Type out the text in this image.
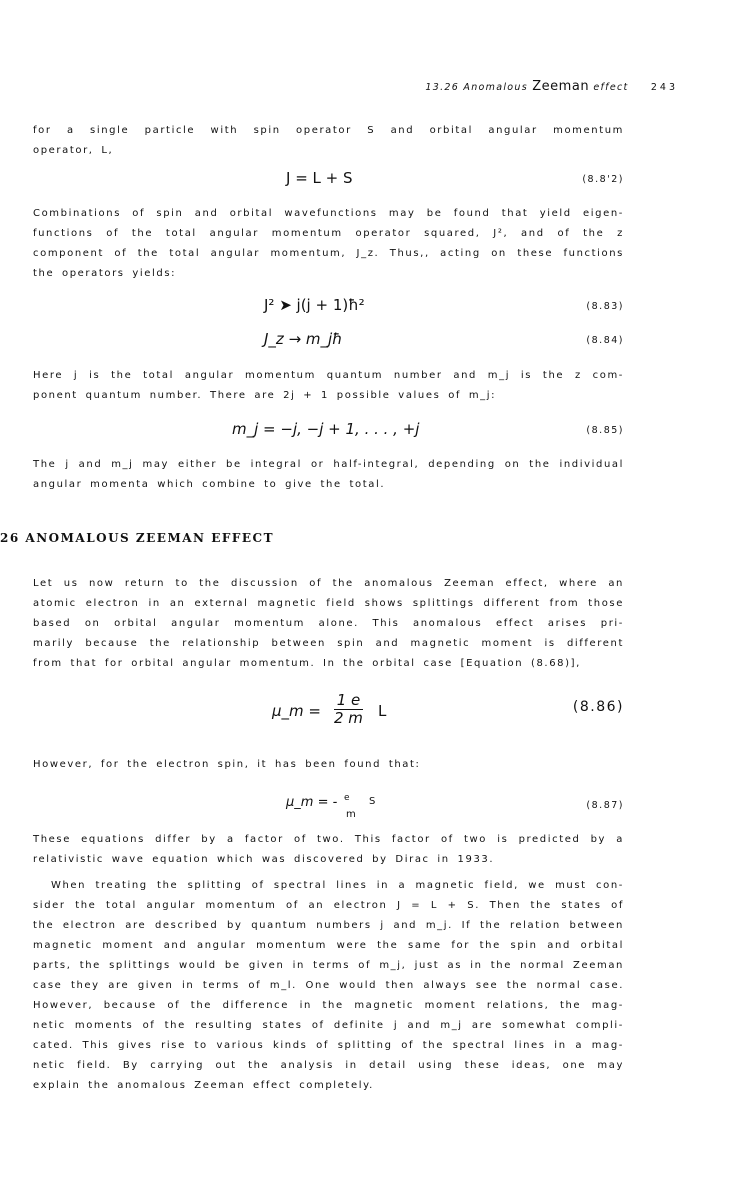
13.26 Anomalous Zeeman effect 243
for a single particle with spin operator S and orbital angular momentum
operator, L,
J = L + S	(8.8'2)
Combinations of spin and orbital wavefunctions may be found that yield eigen-
functions of the total angular momentum operator squared, J², and of the z
component of the total angular momentum, J_z. Thus,, acting on these functions
the operators yields:
J² ➤ j(j + 1)ħ²	(8.83)
J_z → m_jħ	(8.84)
Here j is the total angular momentum quantum number and m_j is the z com-
ponent quantum number. There are 2j + 1 possible values of m_j:
m_j = −j, −j + 1, . . . , +j	(8.85)
The j and m_j may either be integral or half-integral, depending on the individual
angular momenta which combine to give the total.
26 ANOMALOUS ZEEMAN EFFECT
Let us now return to the discussion of the anomalous Zeeman effect, where an
atomic electron in an external magnetic field shows splittings different from those
based on orbital angular momentum alone. This anomalous effect arises pri-
marily because the relationship between spin and magnetic moment is different
from that for orbital angular momentum. In the orbital case [Equation (8.68)],
μ_m = $\frac{1 e}{2 m}$ L	(8.86)
However, for the electron spin, it has been found that:
μ_m = - e S
m
(8.87)
These equations differ by a factor of two. This factor of two is predicted by a
relativistic wave equation which was discovered by Dirac in 1933.
When treating the splitting of spectral lines in a magnetic field, we must con-
sider the total angular momentum of an electron J = L + S. Then the states of
the electron are described by quantum numbers j and m_j. If the relation between
magnetic moment and angular momentum were the same for the spin and orbital
parts, the splittings would be given in terms of m_j, just as in the normal Zeeman
case they are given in terms of m_l. One would then always see the normal case.
However, because of the difference in the magnetic moment relations, the mag-
netic moments of the resulting states of definite j and m_j are somewhat compli-
cated. This gives rise to various kinds of splitting of the spectral lines in a mag-
netic field. By carrying out the analysis in detail using these ideas, one may
explain the anomalous Zeeman effect completely.
